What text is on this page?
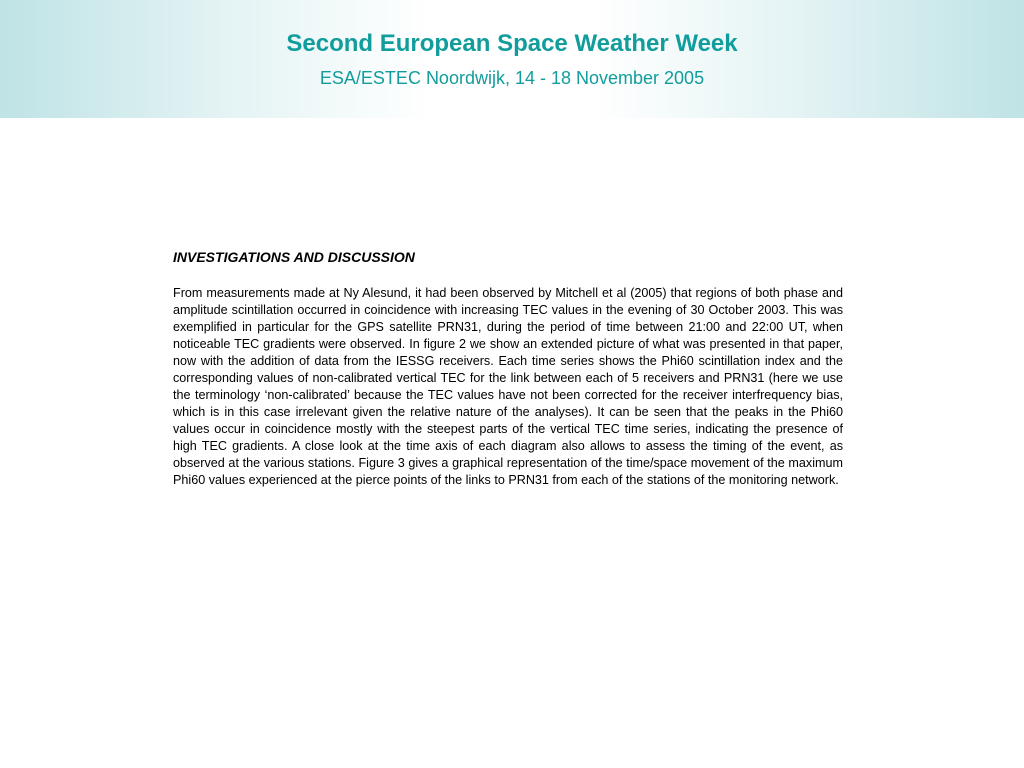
Second European Space Weather Week

ESA/ESTEC Noordwijk, 14 - 18 November 2005

INVESTIGATIONS AND DISCUSSION

From measurements made at Ny Alesund, it had been observed by Mitchell et al (2005) that regions of both phase and amplitude scintillation occurred in coincidence with increasing TEC values in the evening of 30 October 2003. This was exemplified in particular for the GPS satellite PRN31, during the period of time between 21:00 and 22:00 UT, when noticeable TEC gradients were observed. In figure 2 we show an extended picture of what was presented in that paper, now with the addition of data from the IESSG receivers. Each time series shows the Phi60 scintillation index and the corresponding values of non-calibrated vertical TEC for the link between each of 5 receivers and PRN31 (here we use the terminology ‘non-calibrated’ because the TEC values have not been corrected for the receiver interfrequency bias, which is in this case irrelevant given the relative nature of the analyses). It can be seen that the peaks in the Phi60 values occur in coincidence mostly with the steepest parts of the vertical TEC time series, indicating the presence of high TEC gradients. A close look at the time axis of each diagram also allows to assess the timing of the event, as observed at the various stations. Figure 3 gives a graphical representation of the time/space movement of the maximum Phi60 values experienced at the pierce points of the links to PRN31 from each of the stations of the monitoring network.
